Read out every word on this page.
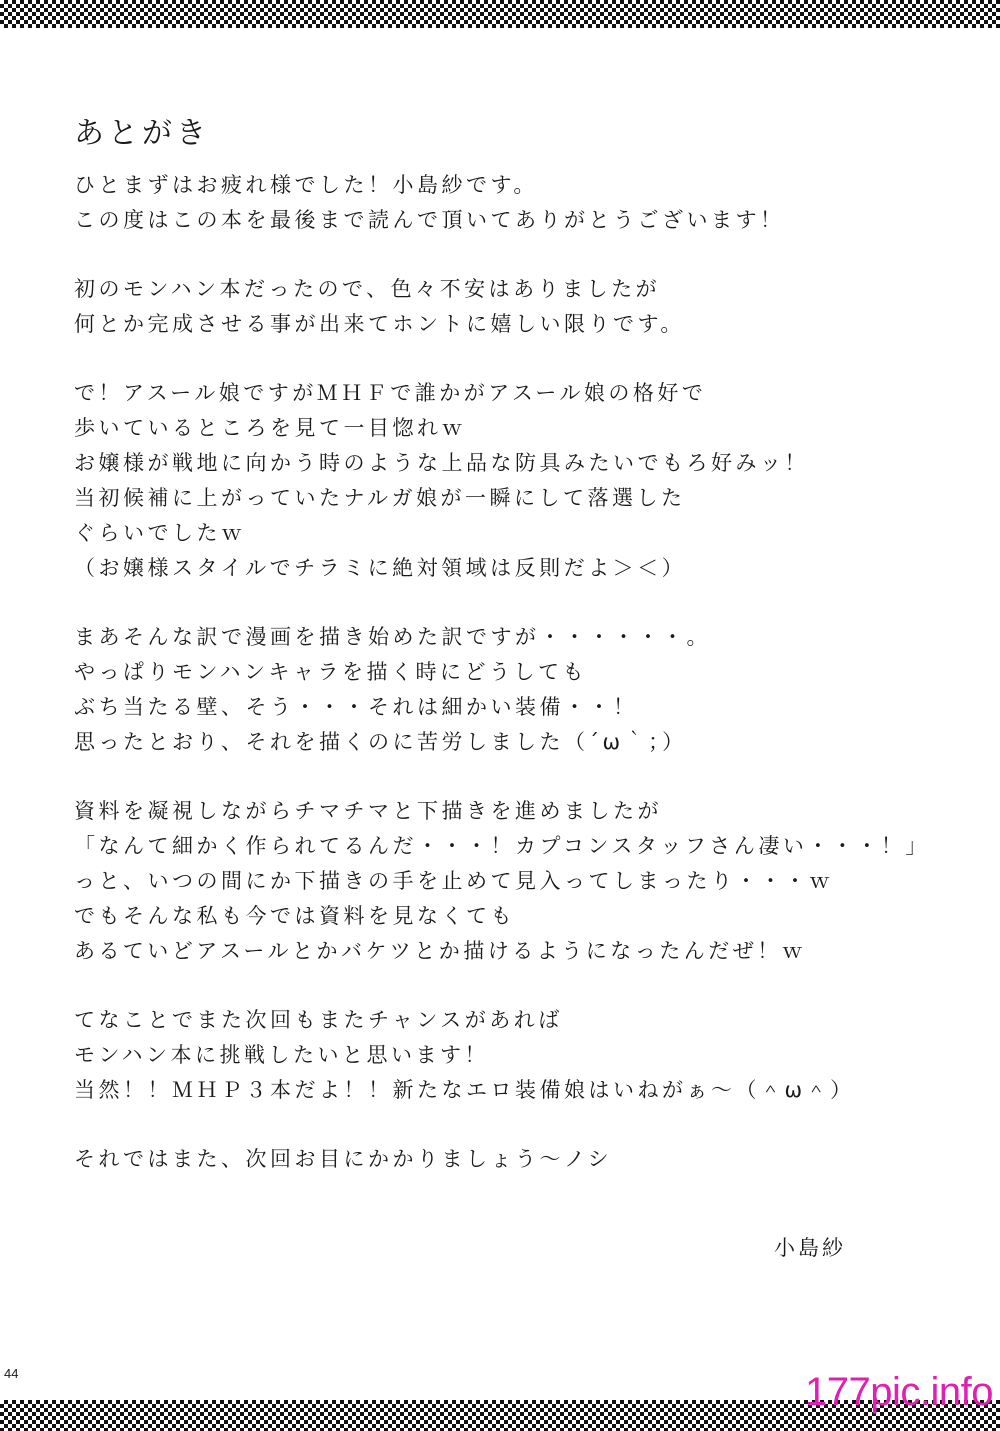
あとがき
ひとまずはお疲れ様でした！小島紗です。
この度はこの本を最後まで読んで頂いてありがとうございます！
初のモンハン本だったので、色々不安はありましたが
何とか完成させる事が出来てホントに嬉しい限りです。
で！アスール娘ですがＭＨＦで誰かがアスール娘の格好で
歩いているところを見て一目惚れｗ
お嬢様が戦地に向かう時のような上品な防具みたいでもろ好みッ！
当初候補に上がっていたナルガ娘が一瞬にして落選した
ぐらいでしたｗ
（お嬢様スタイルでチラミに絶対領域は反則だよ＞＜）
まあそんな訳で漫画を描き始めた訳ですが・・・・・・。
やっぱりモンハンキャラを描く時にどうしても
ぶち当たる壁、そう・・・それは細かい装備・・！
思ったとおり、それを描くのに苦労しました（´ω｀；）
資料を凝視しながらチマチマと下描きを進めましたが
「なんて細かく作られてるんだ・・・！カプコンスタッフさん凄い・・・！」
っと、いつの間にか下描きの手を止めて見入ってしまったり・・・ｗ
でもそんな私も今では資料を見なくても
あるていどアスールとかバケツとか描けるようになったんだぜ！ｗ
てなことでまた次回もまたチャンスがあれば
モンハン本に挑戦したいと思います！
当然！！ＭＨＰ３本だよ！！新たなエロ装備娘はいねがぁ～（＾ω＾）
それではまた、次回お目にかかりましょう～ノシ
小島紗
44	177pic.info
